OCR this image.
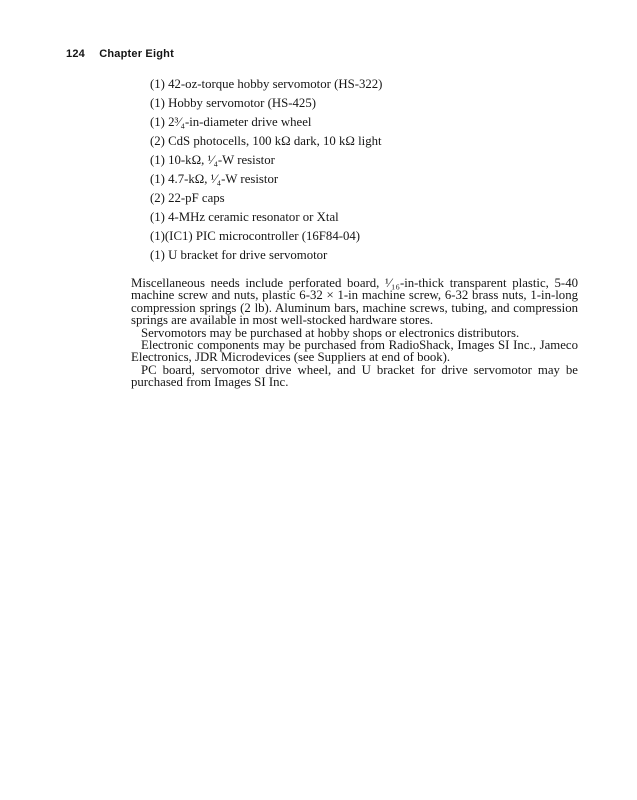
124 Chapter Eight
(1) 42-oz-torque hobby servomotor (HS-322)
(1) Hobby servomotor (HS-425)
(1) 2³⁄₄-in-diameter drive wheel
(2) CdS photocells, 100 kΩ dark, 10 kΩ light
(1) 10-kΩ, ¹⁄₄-W resistor
(1) 4.7-kΩ, ¹⁄₄-W resistor
(2) 22-pF caps
(1) 4-MHz ceramic resonator or Xtal
(1)(IC1) PIC microcontroller (16F84-04)
(1) U bracket for drive servomotor

Miscellaneous needs include perforated board, ¹⁄₁₆-in-thick transparent plastic, 5-40 machine screw and nuts, plastic 6-32 × 1-in machine screw, 6-32 brass nuts, 1-in-long compression springs (2 lb). Aluminum bars, machine screws, tubing, and compression springs are available in most well-stocked hardware stores.

Servomotors may be purchased at hobby shops or electronics distributors.

Electronic components may be purchased from RadioShack, Images SI Inc., Jameco Electronics, JDR Microdevices (see Suppliers at end of book).

PC board, servomotor drive wheel, and U bracket for drive servomotor may be purchased from Images SI Inc.
